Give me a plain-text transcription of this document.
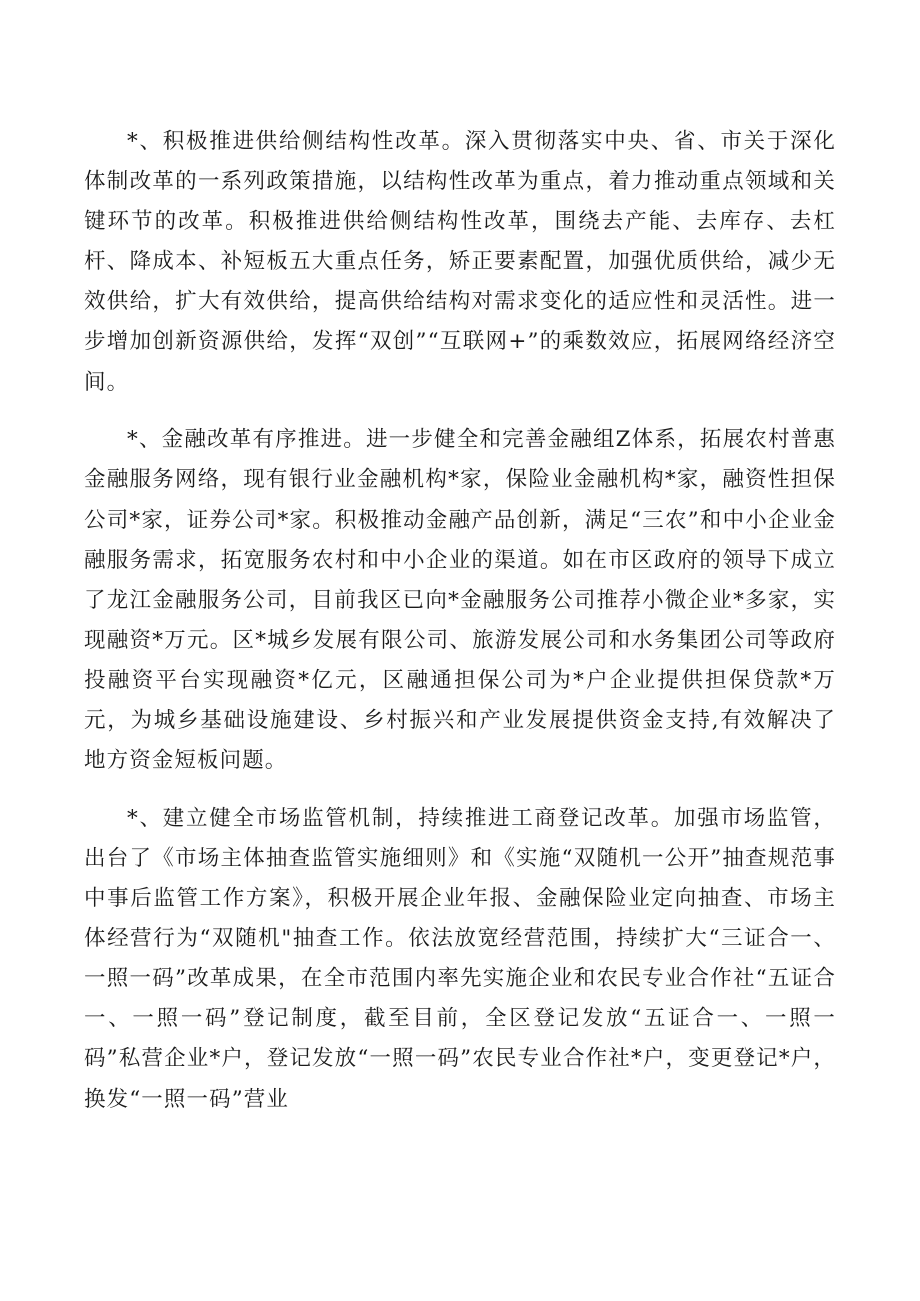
*、积极推进供给侧结构性改革。深入贯彻落实中央、省、市关于深化体制改革的一系列政策措施，以结构性改革为重点，着力推动重点领域和关键环节的改革。积极推进供给侧结构性改革，围绕去产能、去库存、去杠杆、降成本、补短板五大重点任务，矫正要素配置，加强优质供给，减少无效供给，扩大有效供给，提高供给结构对需求变化的适应性和灵活性。进一步增加创新资源供给，发挥“双创”“互联网+”的乘数效应，拓展网络经济空间。

*、金融改革有序推进。进一步健全和完善金融组Z体系，拓展农村普惠金融服务网络，现有银行业金融机构*家，保险业金融机构*家，融资性担保公司*家，证券公司*家。积极推动金融产品创新，满足“三农”和中小企业金融服务需求，拓宽服务农村和中小企业的渠道。如在市区政府的领导下成立了龙江金融服务公司，目前我区已向*金融服务公司推荐小微企业*多家，实现融资*万元。区*城乡发展有限公司、旅游发展公司和水务集团公司等政府投融资平台实现融资*亿元，区融通担保公司为*户企业提供担保贷款*万元，为城乡基础设施建设、乡村振兴和产业发展提供资金支持,有效解决了地方资金短板问题。

*、建立健全市场监管机制，持续推进工商登记改革。加强市场监管，出台了《市场主体抽查监管实施细则》和《实施“双随机一公开”抽查规范事中事后监管工作方案》，积极开展企业年报、金融保险业定向抽查、市场主体经营行为“双随机"抽查工作。依法放宽经营范围，持续扩大“三证合一、一照一码”改革成果，在全市范围内率先实施企业和农民专业合作社“五证合一、一照一码”登记制度，截至目前，全区登记发放“五证合一、一照一码”私营企业*户，登记发放“一照一码”农民专业合作社*户，变更登记*户，换发“一照一码”营业
